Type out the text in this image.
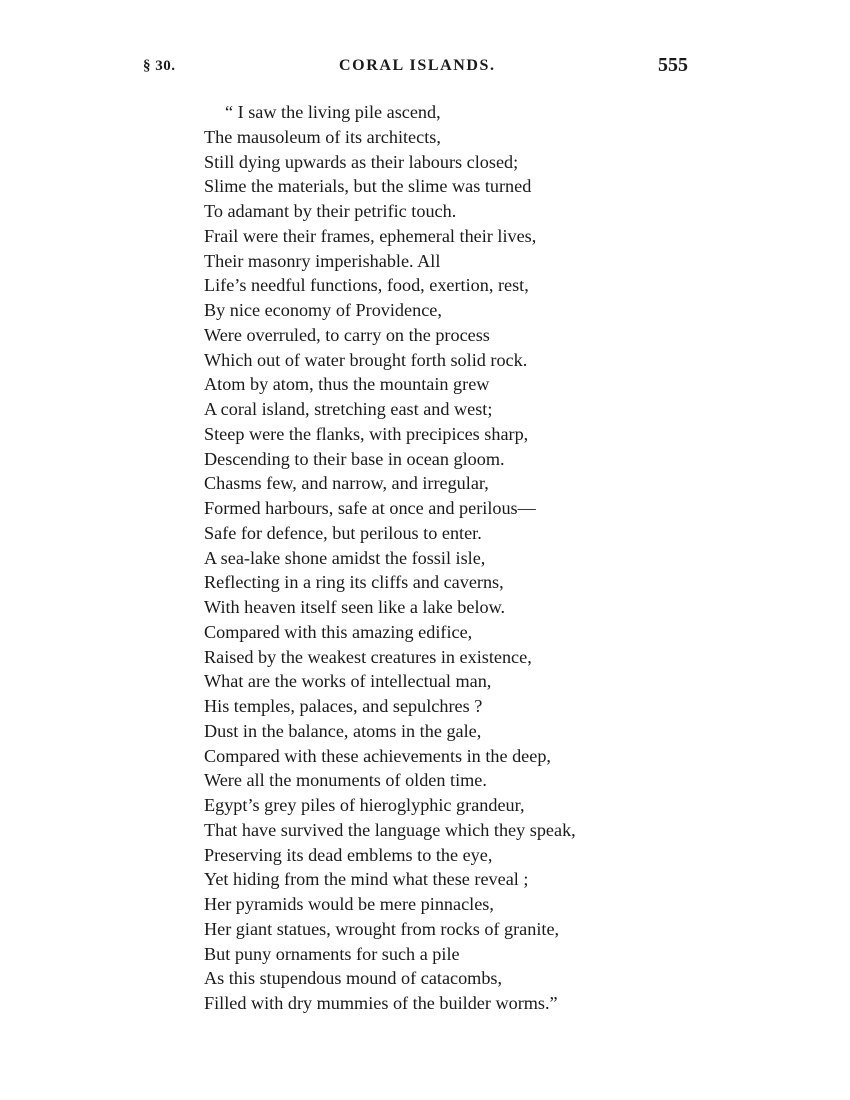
§ 30.	CORAL ISLANDS.	555
“ I saw the living pile ascend,
The mausoleum of its architects,
Still dying upwards as their labours closed;
Slime the materials, but the slime was turned
To adamant by their petrific touch.
Frail were their frames, ephemeral their lives,
Their masonry imperishable. All
Life’s needful functions, food, exertion, rest,
By nice economy of Providence,
Were overruled, to carry on the process
Which out of water brought forth solid rock.
Atom by atom, thus the mountain grew
A coral island, stretching east and west;
Steep were the flanks, with precipices sharp,
Descending to their base in ocean gloom.
Chasms few, and narrow, and irregular,
Formed harbours, safe at once and perilous—
Safe for defence, but perilous to enter.
A sea-lake shone amidst the fossil isle,
Reflecting in a ring its cliffs and caverns,
With heaven itself seen like a lake below.
Compared with this amazing edifice,
Raised by the weakest creatures in existence,
What are the works of intellectual man,
His temples, palaces, and sepulchres ?
Dust in the balance, atoms in the gale,
Compared with these achievements in the deep,
Were all the monuments of olden time.
Egypt’s grey piles of hieroglyphic grandeur,
That have survived the language which they speak,
Preserving its dead emblems to the eye,
Yet hiding from the mind what these reveal ;
Her pyramids would be mere pinnacles,
Her giant statues, wrought from rocks of granite,
But puny ornaments for such a pile
As this stupendous mound of catacombs,
Filled with dry mummies of the builder worms.”
